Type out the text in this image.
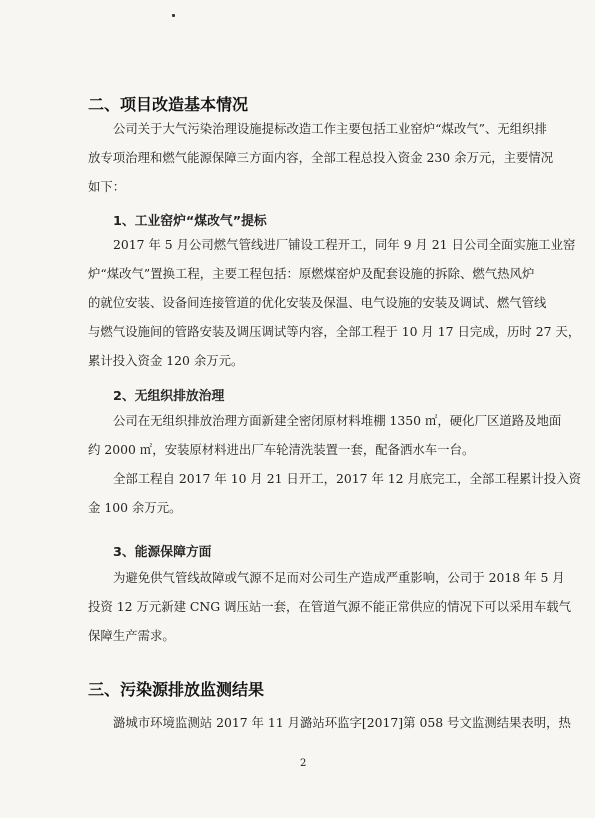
二、项目改造基本情况
公司关于大气污染治理设施提标改造工作主要包括工业窑炉“煤改气”、无组织排
放专项治理和燃气能源保障三方面内容，全部工程总投入资金 230 余万元，主要情况
如下：
1、工业窑炉“煤改气”提标
2017 年 5 月公司燃气管线进厂铺设工程开工，同年 9 月 21 日公司全面实施工业窑
炉“煤改气”置换工程，主要工程包括：原燃煤窑炉及配套设施的拆除、燃气热风炉
的就位安装、设备间连接管道的优化安装及保温、电气设施的安装及调试、燃气管线
与燃气设施间的管路安装及调压调试等内容，全部工程于 10 月 17 日完成，历时 27 天，
累计投入资金 120 余万元。
2、无组织排放治理
公司在无组织排放治理方面新建全密闭原材料堆棚 1350 ㎡，硬化厂区道路及地面
约 2000 ㎡，安装原材料进出厂车轮清洗装置一套，配备洒水车一台。
全部工程自 2017 年 10 月 21 日开工，2017 年 12 月底完工，全部工程累计投入资
金 100 余万元。
3、能源保障方面
为避免供气管线故障或气源不足而对公司生产造成严重影响，公司于 2018 年 5 月
投资 12 万元新建 CNG 调压站一套，在管道气源不能正常供应的情况下可以采用车载气
保障生产需求。
三、污染源排放监测结果
潞城市环境监测站 2017 年 11 月潞站环监字[2017]第 058 号文监测结果表明，热
2
